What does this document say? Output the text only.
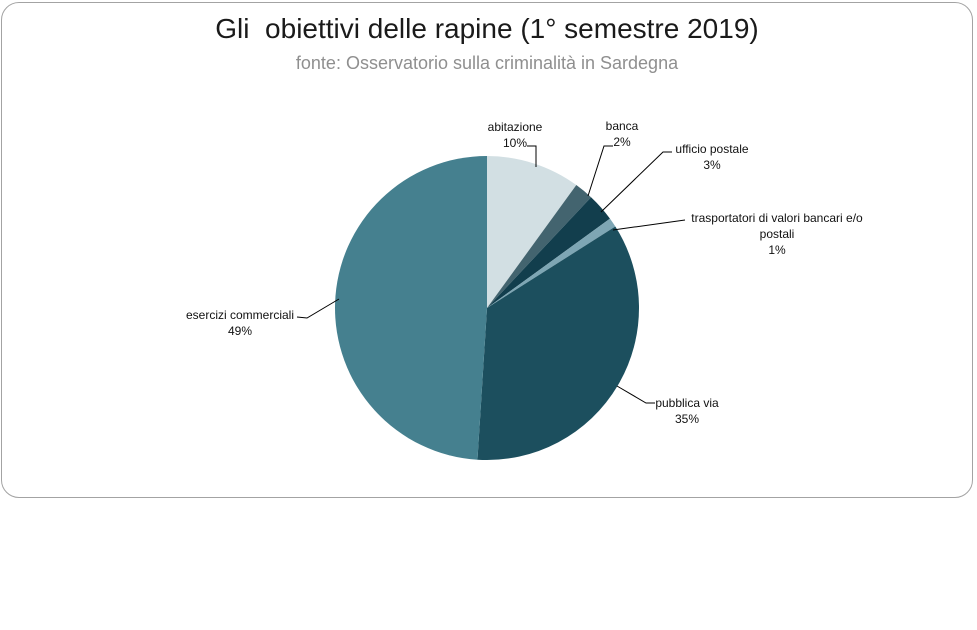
Gli  obiettivi delle rapine (1° semestre 2019)
fonte: Osservatorio sulla criminalità in Sardegna
abitazione
10%
banca
2%	ufficio postale
3%
trasportatori di valori bancari e/o
postali
1%
pubblica via
35%
esercizi commerciali
49%
